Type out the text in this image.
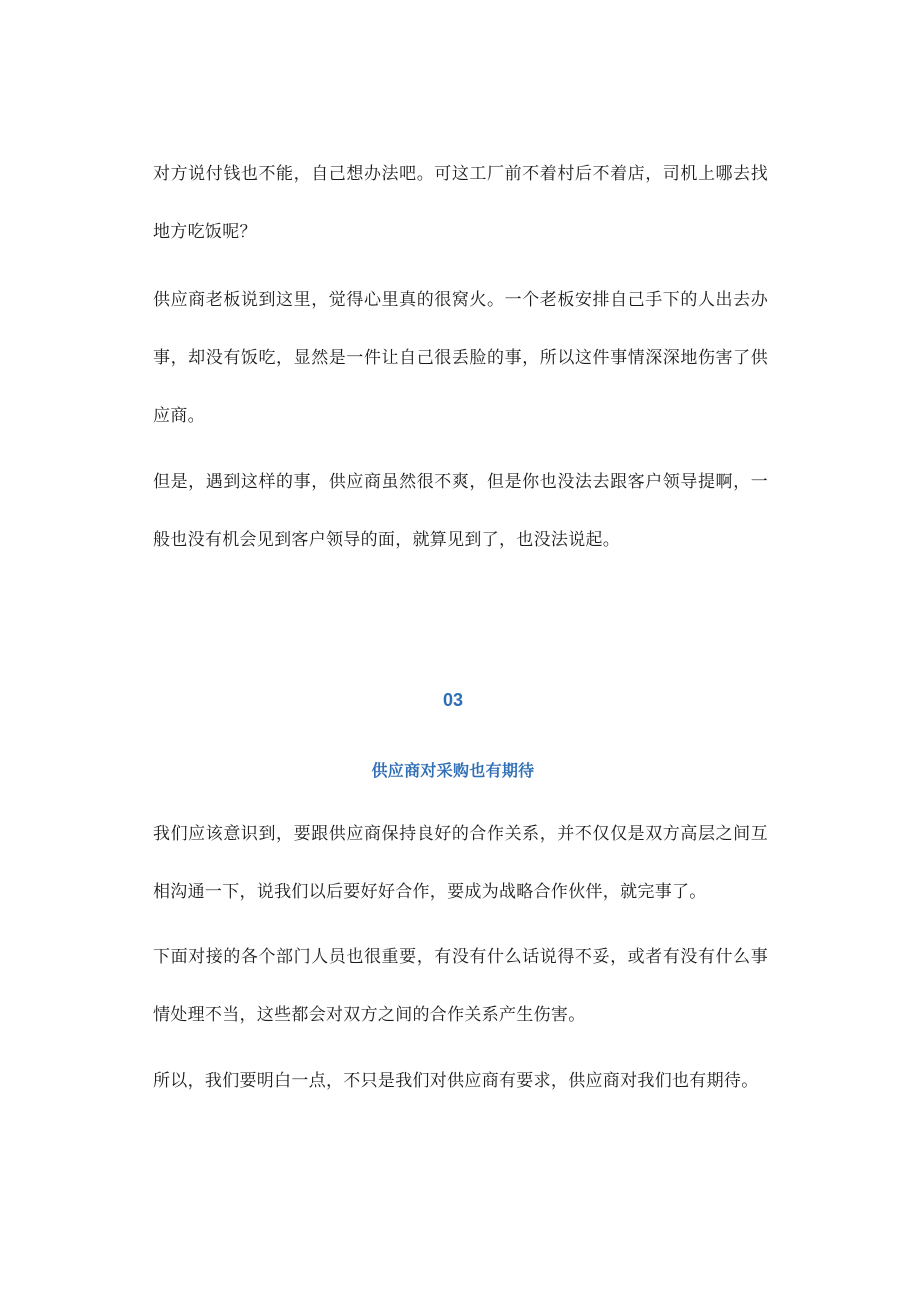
对方说付钱也不能，自己想办法吧。可这工厂前不着村后不着店，司机上哪去找地方吃饭呢？

供应商老板说到这里，觉得心里真的很窝火。一个老板安排自己手下的人出去办事，却没有饭吃，显然是一件让自己很丢脸的事，所以这件事情深深地伤害了供应商。

但是，遇到这样的事，供应商虽然很不爽，但是你也没法去跟客户领导提啊，一般也没有机会见到客户领导的面，就算见到了，也没法说起。

03
供应商对采购也有期待

我们应该意识到，要跟供应商保持良好的合作关系，并不仅仅是双方高层之间互相沟通一下，说我们以后要好好合作，要成为战略合作伙伴，就完事了。

下面对接的各个部门人员也很重要，有没有什么话说得不妥，或者有没有什么事情处理不当，这些都会对双方之间的合作关系产生伤害。

所以，我们要明白一点，不只是我们对供应商有要求，供应商对我们也有期待。
